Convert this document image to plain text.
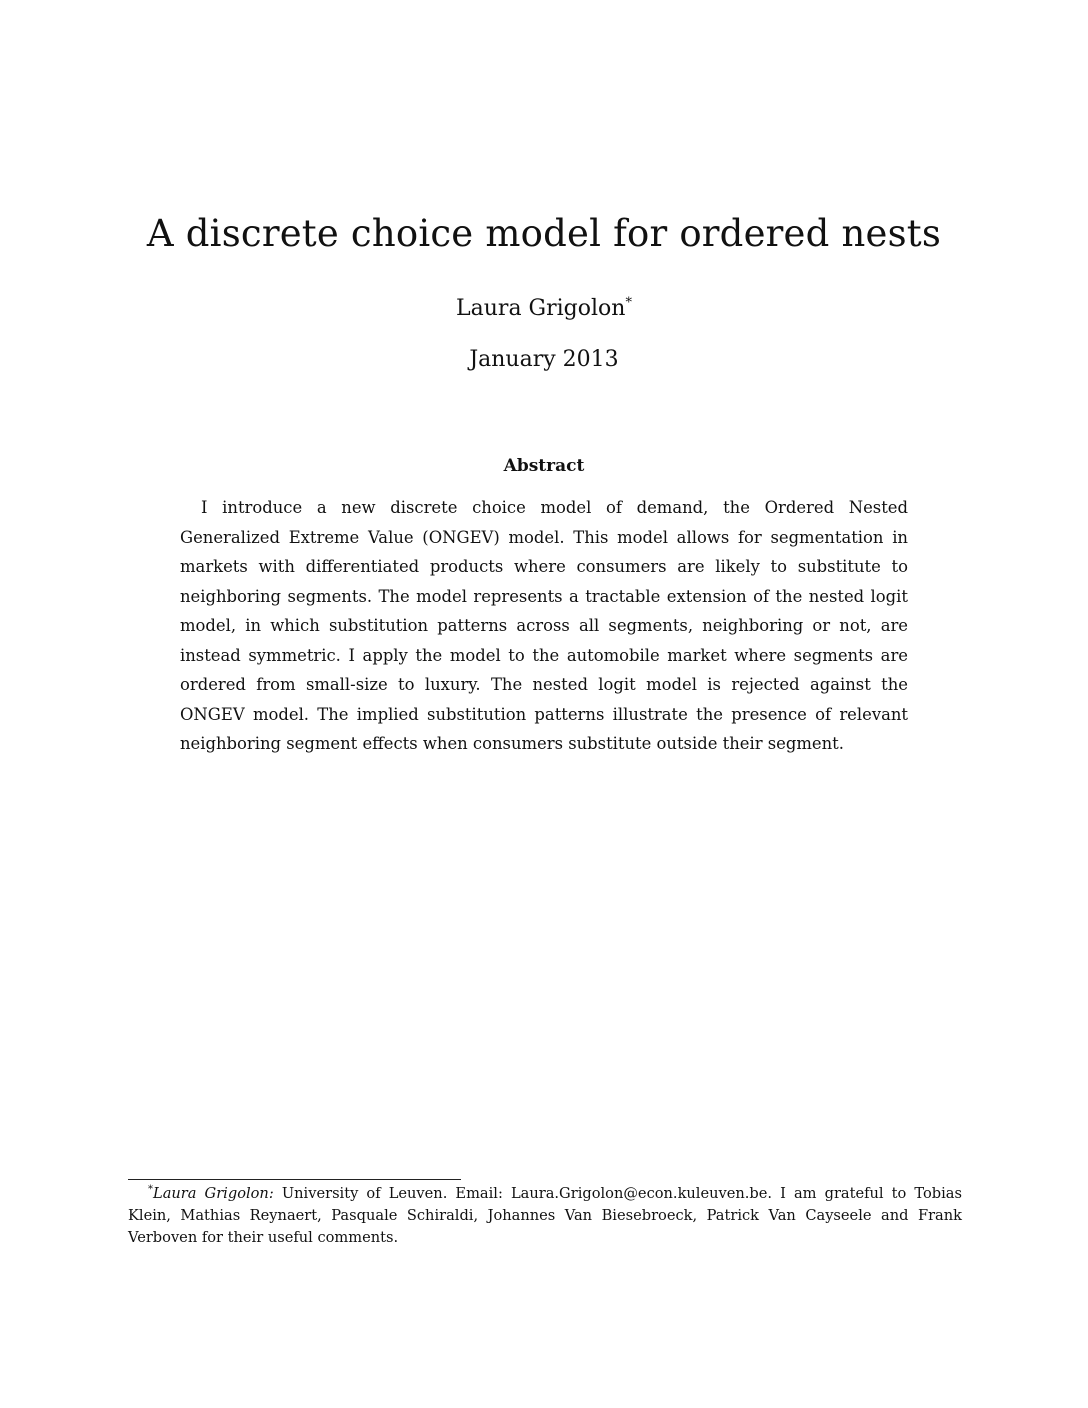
A discrete choice model for ordered nests
Laura Grigolon*
January 2013
Abstract

I introduce a new discrete choice model of demand, the Ordered Nested Generalized Extreme Value (ONGEV) model. This model allows for segmentation in markets with differentiated products where consumers are likely to substitute to neighboring segments. The model represents a tractable extension of the nested logit model, in which substitution patterns across all segments, neighboring or not, are instead symmetric. I apply the model to the automobile market where segments are ordered from small-size to luxury. The nested logit model is rejected against the ONGEV model. The implied substitution patterns illustrate the presence of relevant neighboring segment effects when consumers substitute outside their segment.

*Laura Grigolon: University of Leuven. Email: Laura.Grigolon@econ.kuleuven.be. I am grateful to Tobias Klein, Mathias Reynaert, Pasquale Schiraldi, Johannes Van Biesebroeck, Patrick Van Cayseele and Frank Verboven for their useful comments.
